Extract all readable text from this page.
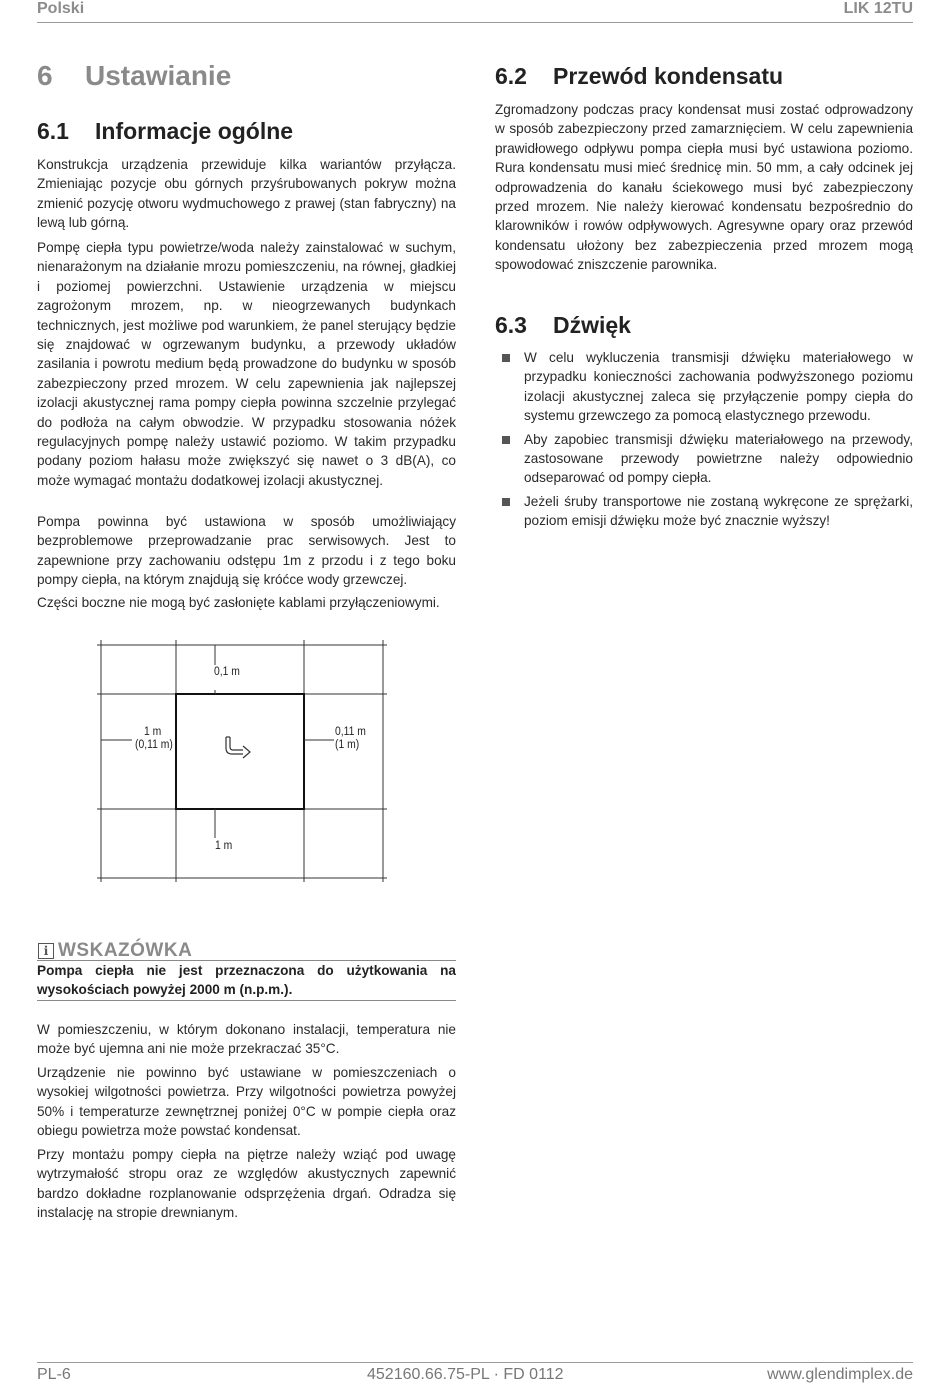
Polski	LIK 12TU
6 Ustawianie
6.1 Informacje ogólne

Konstrukcja urządzenia przewiduje kilka wariantów przyłącza. Zmieniając pozycje obu górnych przyśrubowanych pokryw można zmienić pozycję otworu wydmuchowego z prawej (stan fabryczny) na lewą lub górną.

Pompę ciepła typu powietrze/woda należy zainstalować w suchym, nienarażonym na działanie mrozu pomieszczeniu, na równej, gładkiej i poziomej powierzchni. Ustawienie urządzenia w miejscu zagrożonym mrozem, np. w nieogrzewanych budynkach technicznych, jest możliwe pod warunkiem, że panel sterujący będzie się znajdować w ogrzewanym budynku, a przewody układów zasilania i powrotu medium będą prowadzone do budynku w sposób zabezpieczony przed mrozem. W celu zapewnienia jak najlepszej izolacji akustycznej rama pompy ciepła powinna szczelnie przylegać do podłoża na całym obwodzie. W przypadku stosowania nóżek regulacyjnych pompę należy ustawić poziomo. W takim przypadku podany poziom hałasu może zwiększyć się nawet o 3 dB(A), co może wymagać montażu dodatkowej izolacji akustycznej.

Pompa powinna być ustawiona w sposób umożliwiający bezproblemowe przeprowadzanie prac serwisowych. Jest to zapewnione przy zachowaniu odstępu 1m z przodu i z tego boku pompy ciepła, na którym znajdują się króćce wody grzewczej.

Części boczne nie mogą być zasłonięte kablami przyłączeniowymi.

0,1 m
1 m
(0,11 m)
0,11 m
(1 m)
1 m
i WSKAZÓWKA
Pompa ciepła nie jest przeznaczona do użytkowania na wysokościach powyżej 2000 m (n.p.m.).

W pomieszczeniu, w którym dokonano instalacji, temperatura nie może być ujemna ani nie może przekraczać 35°C.

Urządzenie nie powinno być ustawiane w pomieszczeniach o wysokiej wilgotności powietrza. Przy wilgotności powietrza powyżej 50% i temperaturze zewnętrznej poniżej 0°C w pompie ciepła oraz obiegu powietrza może powstać kondensat.

Przy montażu pompy ciepła na piętrze należy wziąć pod uwagę wytrzymałość stropu oraz ze względów akustycznych zapewnić bardzo dokładne rozplanowanie odsprzężenia drgań. Odradza się instalację na stropie drewnianym.

6.2 Przewód kondensatu

Zgromadzony podczas pracy kondensat musi zostać odprowadzony w sposób zabezpieczony przed zamarznięciem. W celu zapewnienia prawidłowego odpływu pompa ciepła musi być ustawiona poziomo. Rura kondensatu musi mieć średnicę min. 50 mm, a cały odcinek jej odprowadzenia do kanału ściekowego musi być zabezpieczony przed mrozem. Nie należy kierować kondensatu bezpośrednio do klarowników i rowów odpływowych. Agresywne opary oraz przewód kondensatu ułożony bez zabezpieczenia przed mrozem mogą spowodować zniszczenie parownika.

6.3 Dźwięk
W celu wykluczenia transmisji dźwięku materiałowego w przypadku konieczności zachowania podwyższonego poziomu izolacji akustycznej zaleca się przyłączenie pompy ciepła do systemu grzewczego za pomocą elastycznego przewodu.
Aby zapobiec transmisji dźwięku materiałowego na przewody, zastosowane przewody powietrzne należy odpowiednio odseparować od pompy ciepła.
Jeżeli śruby transportowe nie zostaną wykręcone ze sprężarki, poziom emisji dźwięku może być znacznie wyższy!
PL-6	452160.66.75-PL · FD 0112	www.glendimplex.de
